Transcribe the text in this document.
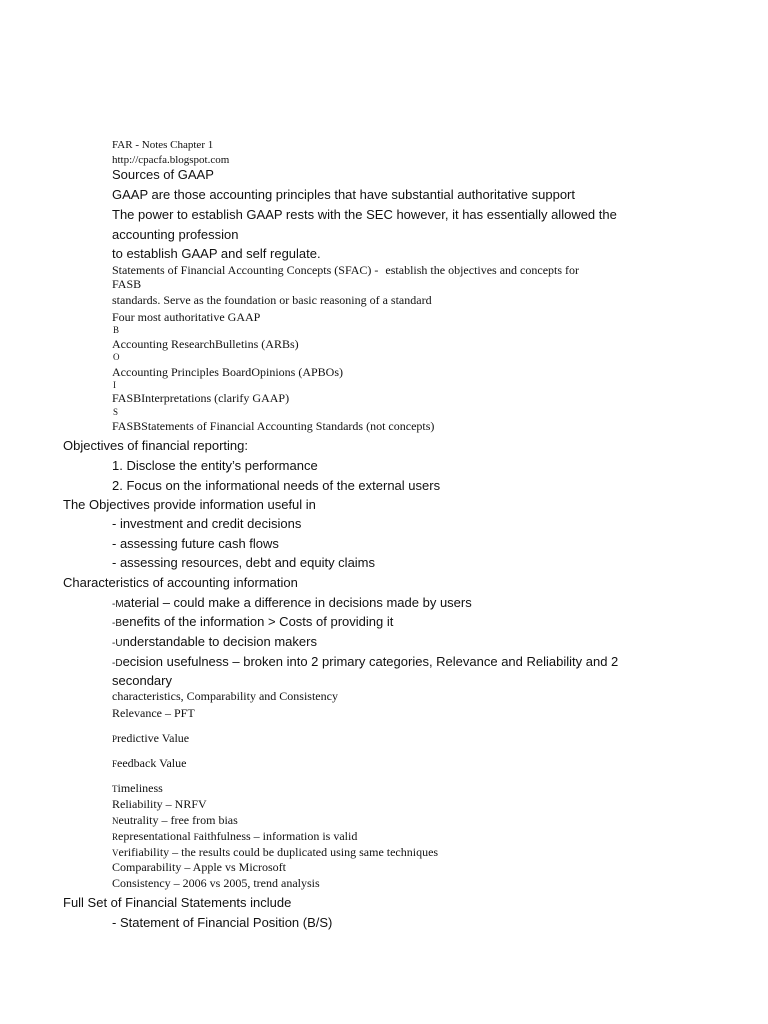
FAR - Notes Chapter 1
http://cpacfa.blogspot.com
Sources of GAAP
GAAP are those accounting principles that have substantial authoritative support
The power to establish GAAP rests with the SEC however, it has essentially allowed the
accounting profession
to establish GAAP and self regulate.
Statements of Financial Accounting Concepts (SFAC) - establish the objectives and concepts for
FASB
standards. Serve as the foundation or basic reasoning of a standard
Four most authoritative GAAP
B
Accounting ResearchBulletins (ARBs)
O
Accounting Principles BoardOpinions (APBOs)
I
FASBInterpretations (clarify GAAP)
S
FASBStatements of Financial Accounting Standards (not concepts)
Objectives of financial reporting:
1. Disclose the entity’s performance
2. Focus on the informational needs of the external users
The Objectives provide information useful in
- investment and credit decisions
- assessing future cash flows
- assessing resources, debt and equity claims
Characteristics of accounting information
-Material – could make a difference in decisions made by users
-Benefits of the information > Costs of providing it
-Understandable to decision makers
-Decision usefulness – broken into 2 primary categories, Relevance and Reliability and 2
secondary
characteristics, Comparability and Consistency
Relevance – PFT
Predictive Value
Feedback Value
Timeliness
Reliability – NRFV
Neutrality – free from bias
Representational Faithfulness – information is valid
Verifiability – the results could be duplicated using same techniques
Comparability – Apple vs Microsoft
Consistency – 2006 vs 2005, trend analysis
Full Set of Financial Statements include
- Statement of Financial Position (B/S)
